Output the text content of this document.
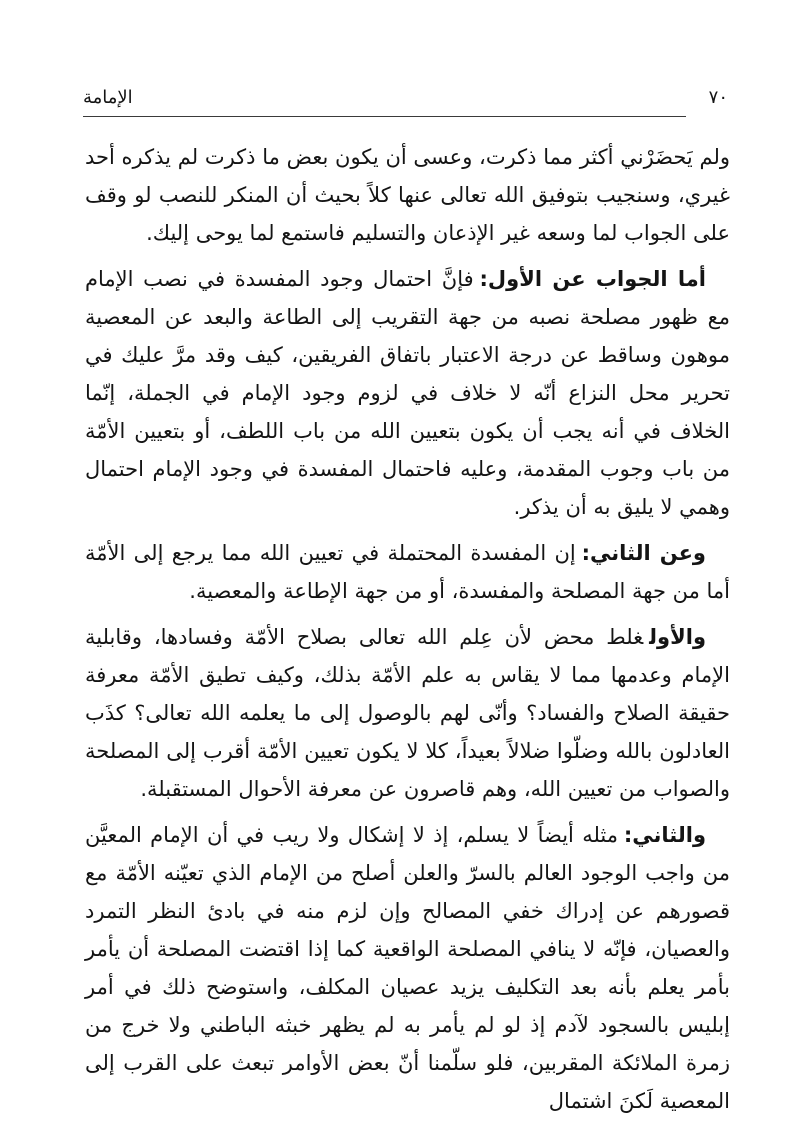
٧٠
الإمامة

ولم يَحضَرْني أكثر مما ذكرت، وعسى أن يكون بعض ما ذكرت لم يذكره أحد غيري، وسنجيب بتوفيق الله تعالى عنها كلاً بحيث أن المنكر للنصب لو وقف على الجواب لما وسعه غير الإذعان والتسليم فاستمع لما يوحى إليك.

أما الجواب عن الأول:فإنَّ احتمال وجود المفسدة في نصب الإمام مع ظهور مصلحة نصبه من جهة التقريب إلى الطاعة والبعد عن المعصية موهون وساقط عن درجة الاعتبار باتفاق الفريقين، كيف وقد مرَّ عليك في تحرير محل النزاع أنّه لا خلاف في لزوم وجود الإمام في الجملة، إنّما الخلاف في أنه يجب أن يكون بتعيين الله من باب اللطف، أو بتعيين الأمّة من باب وجوب المقدمة، وعليه فاحتمال المفسدة في وجود الإمام احتمال وهمي لا يليق به أن يذكر.

وعن الثاني:إن المفسدة المحتملة في تعيين الله مما يرجع إلى الأمّة أما من جهة المصلحة والمفسدة، أو من جهة الإطاعة والمعصية.

والأولغلط محض لأن عِلم الله تعالى بصلاح الأمّة وفسادها، وقابلية الإمام وعدمها مما لا يقاس به علم الأمّة بذلك، وكيف تطيق الأمّة معرفة حقيقة الصلاح والفساد؟ وأنّى لهم بالوصول إلى ما يعلمه الله تعالى؟ كذَب العادلون بالله وضلّوا ضلالاً بعيداً، كلا لا يكون تعيين الأمّة أقرب إلى المصلحة والصواب من تعيين الله، وهم قاصرون عن معرفة الأحوال المستقبلة.

والثاني:مثله أيضاً لا يسلم، إذ لا إشكال ولا ريب في أن الإمام المعيَّن من واجب الوجود العالم بالسرّ والعلن أصلح من الإمام الذي تعيّنه الأمّة مع قصورهم عن إدراك خفي المصالح وإن لزم منه في بادئ النظر التمرد والعصيان، فإنّه لا ينافي المصلحة الواقعية كما إذا اقتضت المصلحة أن يأمر بأمر يعلم بأنه بعد التكليف يزيد عصيان المكلف، واستوضح ذلك في أمر إبليس بالسجود لآدم إذ لو لم يأمر به لم يظهر خبثه الباطني ولا خرج من زمرة الملائكة المقربين، فلو سلّمنا أنّ بعض الأوامر تبعث على القرب إلى المعصية لَكنَ اشتمال
